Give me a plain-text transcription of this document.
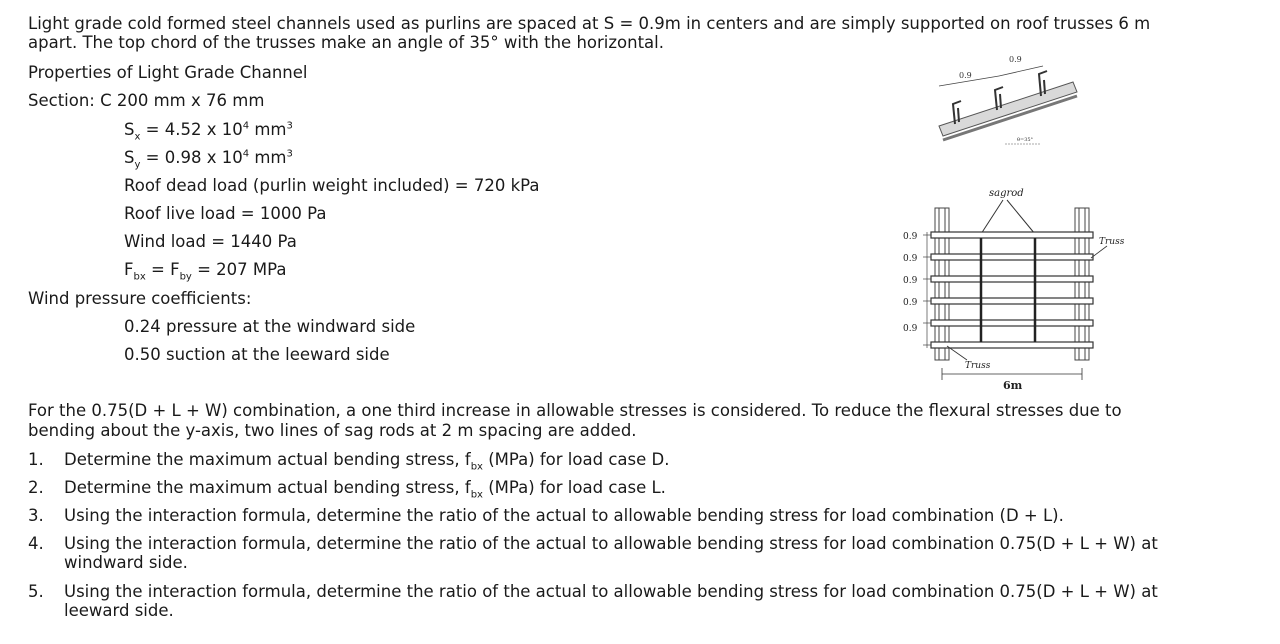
Light grade cold formed steel channels used as purlins are spaced at S = 0.9m in centers and are simply supported on roof trusses 6 m
apart. The top chord of the trusses make an angle of 35° with the horizontal.
Properties of Light Grade Channel
Section: C 200 mm x 76 mm
$S_x = 4.52$ x $10^4$ $mm^3$
$S_y = 0.98$ x $10^4$ $mm^3$
Roof dead load (purlin weight included) = 720 kPa
Roof live load = 1000 Pa
Wind load = 1440 Pa
$F_{bx} = F_{by} = 207$ MPa
Wind pressure coefficients:
0.24 pressure at the windward side
0.50 suction at the leeward side
For the 0.75(D + L + W) combination, a one third increase in allowable stresses is considered. To reduce the flexural stresses due to
bending about the y-axis, two lines of sag rods at 2 m spacing are added.
1. Determine the maximum actual bending stress, $f_{bx}$ (MPa) for load case D.
2. Determine the maximum actual bending stress, $f_{bx}$ (MPa) for load case L.
3. Using the interaction formula, determine the ratio of the actual to allowable bending stress for load combination (D + L).
4. Using the interaction formula, determine the ratio of the actual to allowable bending stress for load combination 0.75(D + L + W) at
windward side.
5. Using the interaction formula, determine the ratio of the actual to allowable bending stress for load combination 0.75(D + L + W) at
leeward side.
0.9
0.9
θ=35°
sagrod
0.9
0.9
0.9
0.9
0.9
Truss
Truss
6m
